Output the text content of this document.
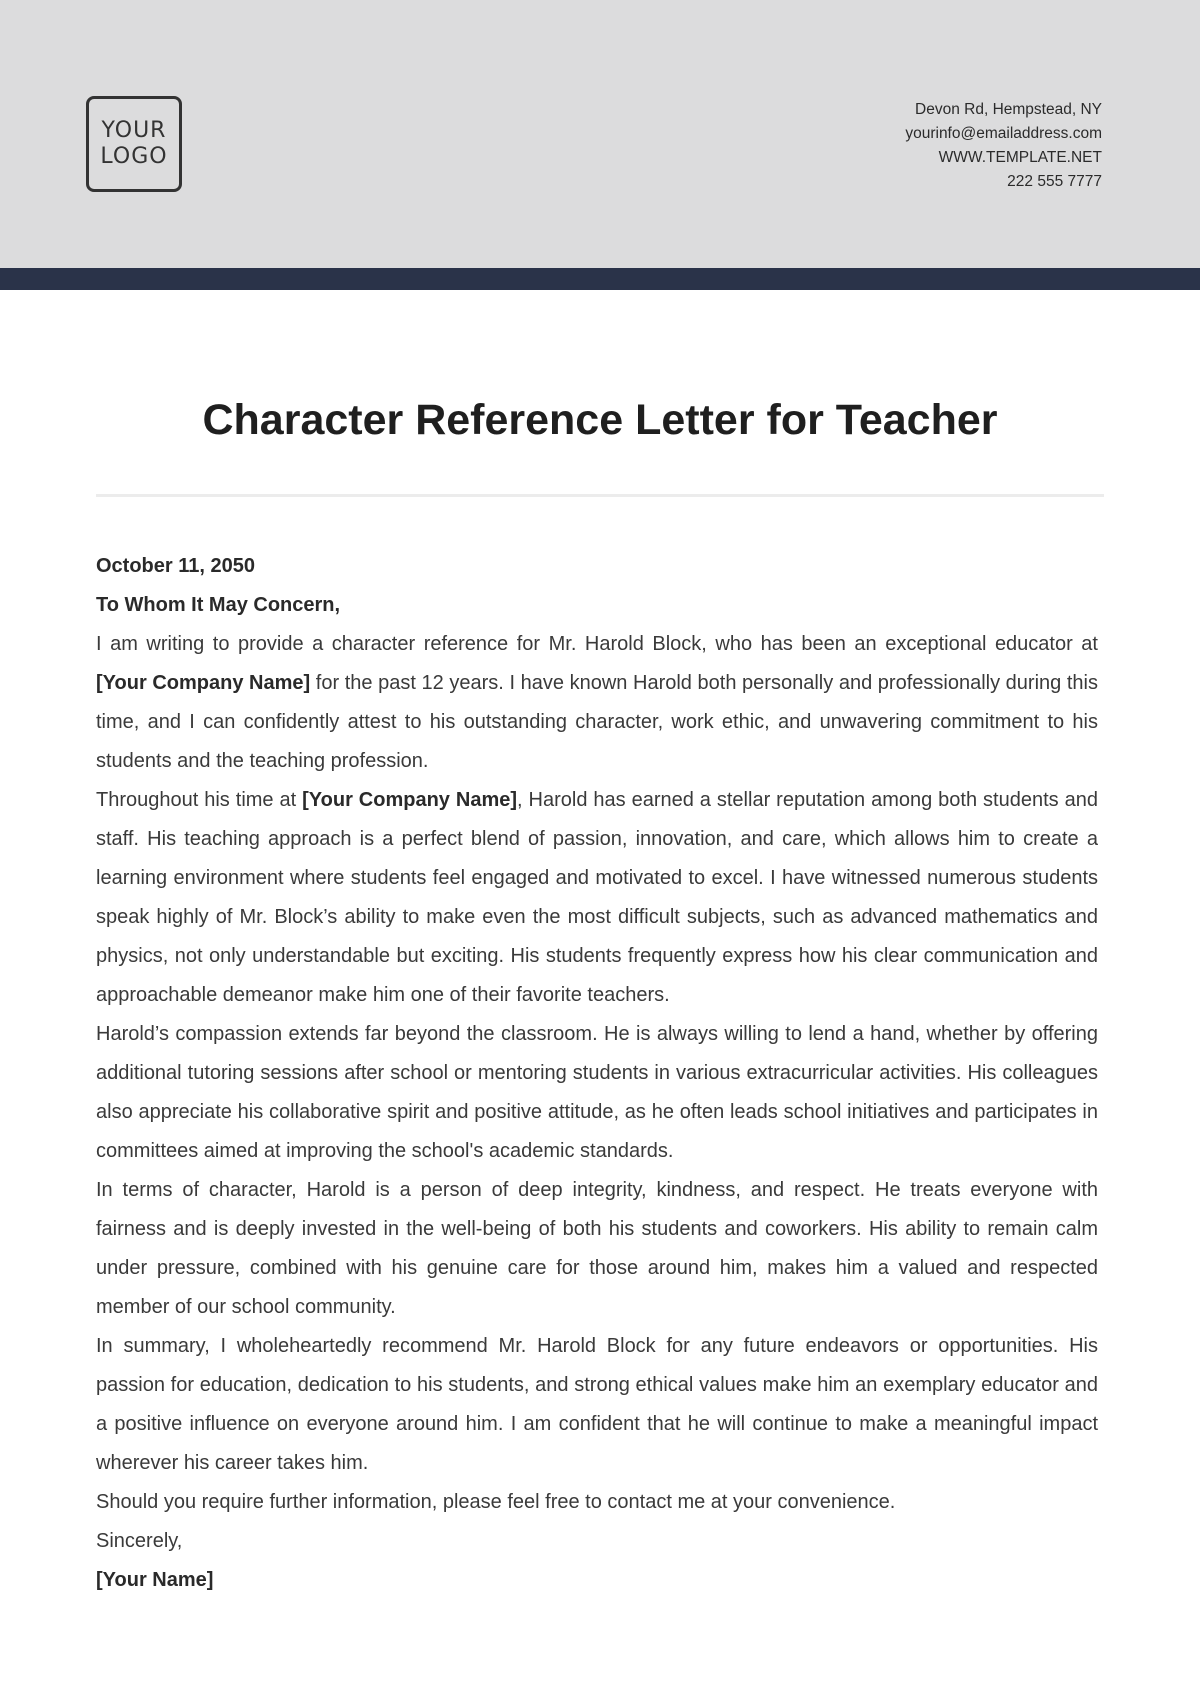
YOUR
LOGO
Devon Rd, Hempstead, NY
yourinfo@emailaddress.com
WWW.TEMPLATE.NET
222 555 7777
Character Reference Letter for Teacher

October 11, 2050

To Whom It May Concern,

I am writing to provide a character reference for Mr. Harold Block, who has been an exceptional educator at [Your Company Name] for the past 12 years. I have known Harold both personally and professionally during this time, and I can confidently attest to his outstanding character, work ethic, and unwavering commitment to his students and the teaching profession.

Throughout his time at [Your Company Name], Harold has earned a stellar reputation among both students and staff. His teaching approach is a perfect blend of passion, innovation, and care, which allows him to create a learning environment where students feel engaged and motivated to excel. I have witnessed numerous students speak highly of Mr. Block’s ability to make even the most difficult subjects, such as advanced mathematics and physics, not only understandable but exciting. His students frequently express how his clear communication and approachable demeanor make him one of their favorite teachers.

Harold’s compassion extends far beyond the classroom. He is always willing to lend a hand, whether by offering additional tutoring sessions after school or mentoring students in various extracurricular activities. His colleagues also appreciate his collaborative spirit and positive attitude, as he often leads school initiatives and participates in committees aimed at improving the school's academic standards.

In terms of character, Harold is a person of deep integrity, kindness, and respect. He treats everyone with fairness and is deeply invested in the well-being of both his students and coworkers. His ability to remain calm under pressure, combined with his genuine care for those around him, makes him a valued and respected member of our school community.

In summary, I wholeheartedly recommend Mr. Harold Block for any future endeavors or opportunities. His passion for education, dedication to his students, and strong ethical values make him an exemplary educator and a positive influence on everyone around him. I am confident that he will continue to make a meaningful impact wherever his career takes him.

Should you require further information, please feel free to contact me at your convenience.

Sincerely,

[Your Name]
